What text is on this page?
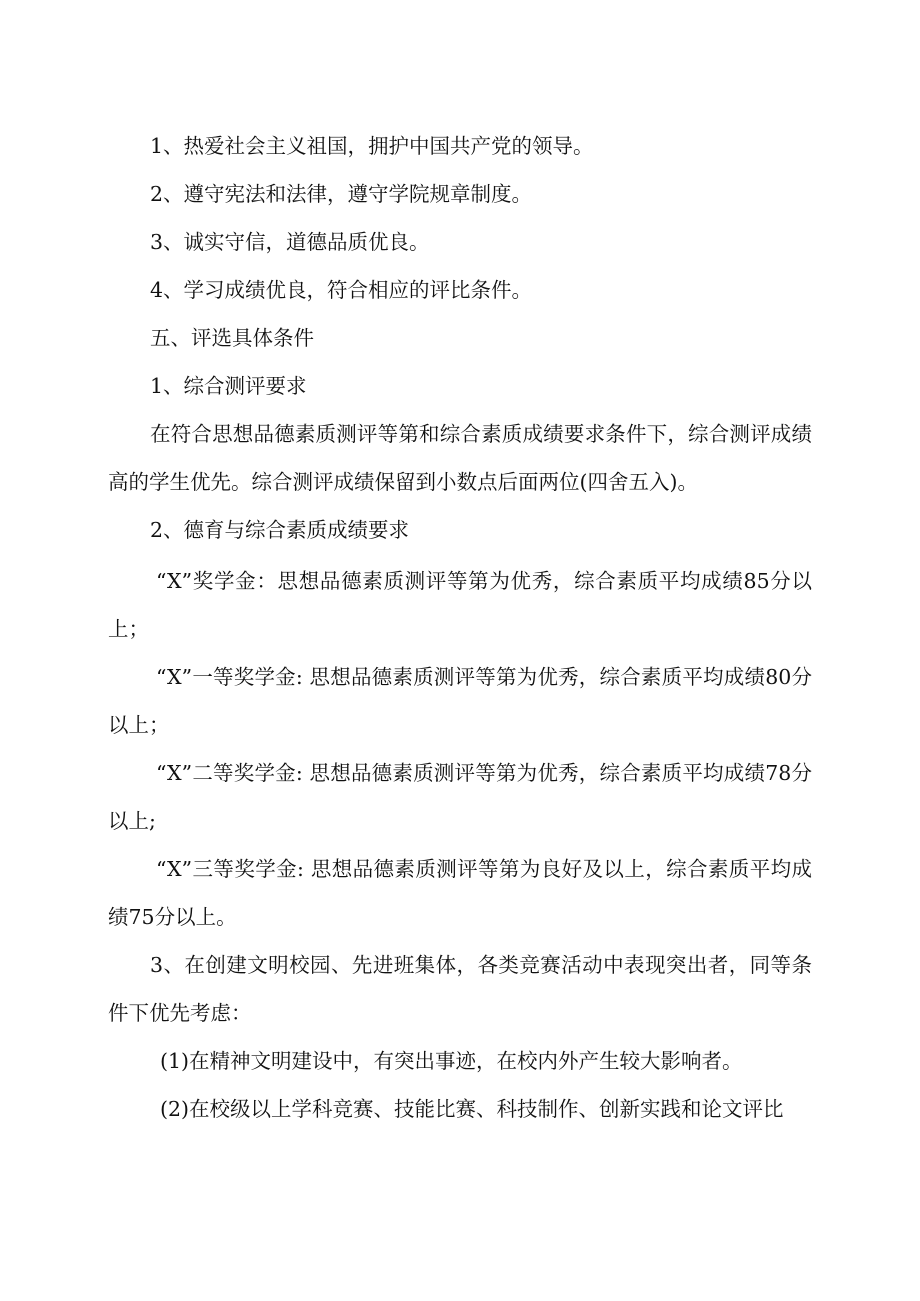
1、热爱社会主义祖国，拥护中国共产党的领导。
2、遵守宪法和法律，遵守学院规章制度。
3、诚实守信，道德品质优良。
4、学习成绩优良，符合相应的评比条件。
五、评选具体条件
1、综合测评要求
在符合思想品德素质测评等第和综合素质成绩要求条件下，综合测评成绩高的学生优先。综合测评成绩保留到小数点后面两位(四舍五入)。
2、德育与综合素质成绩要求
“X”奖学金：思想品德素质测评等第为优秀，综合素质平均成绩85分以上；
“X”一等奖学金: 思想品德素质测评等第为优秀，综合素质平均成绩80分以上；
“X”二等奖学金: 思想品德素质测评等第为优秀，综合素质平均成绩78分以上;
“X”三等奖学金: 思想品德素质测评等第为良好及以上，综合素质平均成绩75分以上。
3、在创建文明校园、先进班集体，各类竞赛活动中表现突出者，同等条件下优先考虑：
(1)在精神文明建设中，有突出事迹，在校内外产生较大影响者。
(2)在校级以上学科竞赛、技能比赛、科技制作、创新实践和论文评比
